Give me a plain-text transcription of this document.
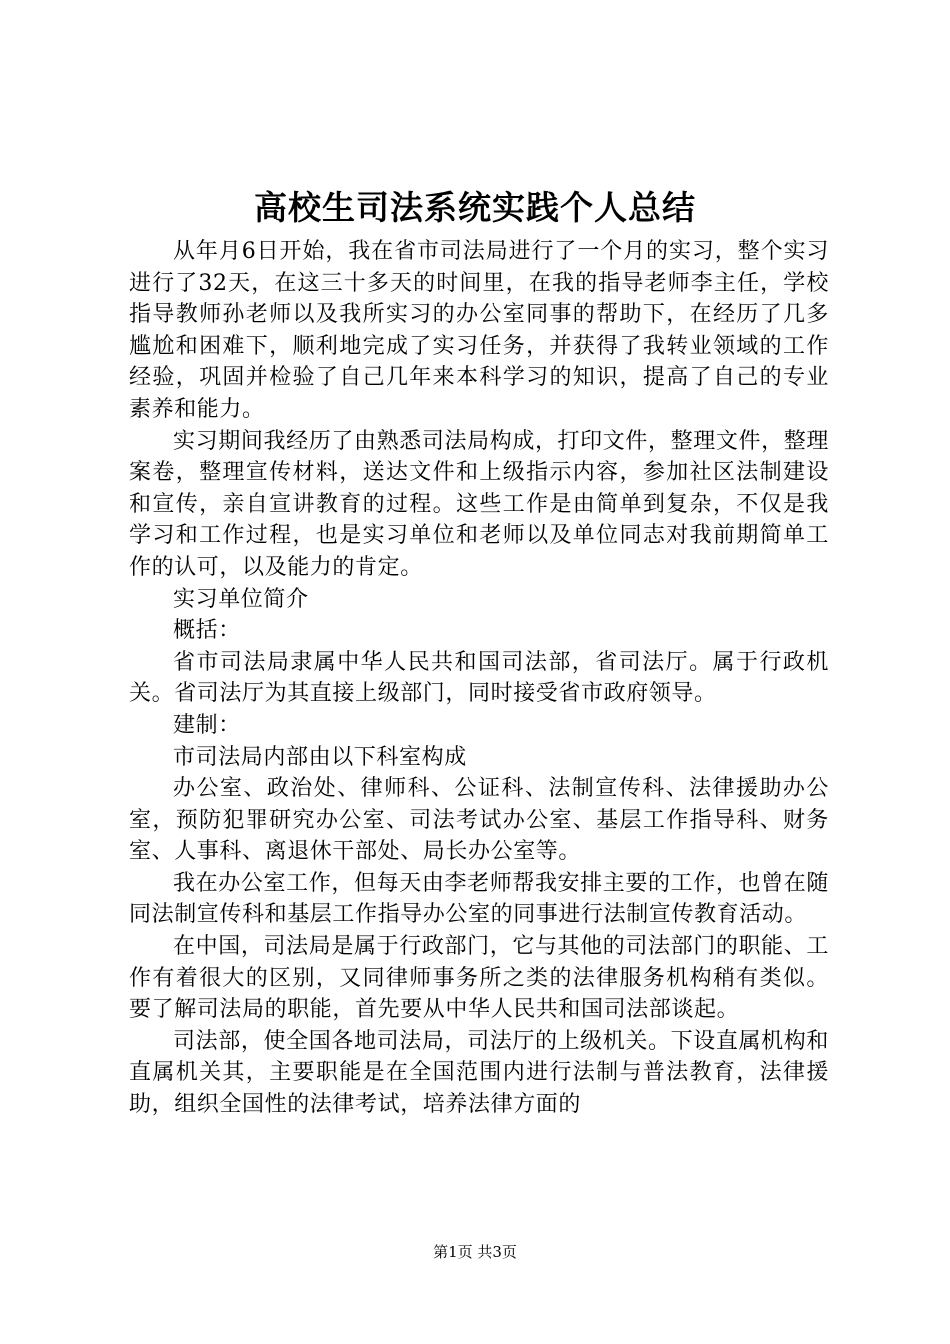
高校生司法系统实践个人总结

从年月6日开始，我在省市司法局进行了一个月的实习，整个实习进行了32天，在这三十多天的时间里，在我的指导老师李主任，学校指导教师孙老师以及我所实习的办公室同事的帮助下，在经历了几多尴尬和困难下，顺利地完成了实习任务，并获得了我转业领域的工作经验，巩固并检验了自己几年来本科学习的知识，提高了自己的专业素养和能力。

实习期间我经历了由熟悉司法局构成，打印文件，整理文件，整理案卷，整理宣传材料，送达文件和上级指示内容，参加社区法制建设和宣传，亲自宣讲教育的过程。这些工作是由简单到复杂，不仅是我学习和工作过程，也是实习单位和老师以及单位同志对我前期简单工作的认可，以及能力的肯定。

实习单位简介

概括：

省市司法局隶属中华人民共和国司法部，省司法厅。属于行政机关。省司法厅为其直接上级部门，同时接受省市政府领导。

建制：

市司法局内部由以下科室构成

办公室、政治处、律师科、公证科、法制宣传科、法律援助办公室，预防犯罪研究办公室、司法考试办公室、基层工作指导科、财务室、人事科、离退休干部处、局长办公室等。

我在办公室工作，但每天由李老师帮我安排主要的工作，也曾在随同法制宣传科和基层工作指导办公室的同事进行法制宣传教育活动。

在中国，司法局是属于行政部门，它与其他的司法部门的职能、工作有着很大的区别，又同律师事务所之类的法律服务机构稍有类似。要了解司法局的职能，首先要从中华人民共和国司法部谈起。

司法部，使全国各地司法局，司法厅的上级机关。下设直属机构和直属机关其，主要职能是在全国范围内进行法制与普法教育，法律援助，组织全国性的法律考试，培养法律方面的

第1页 共3页
